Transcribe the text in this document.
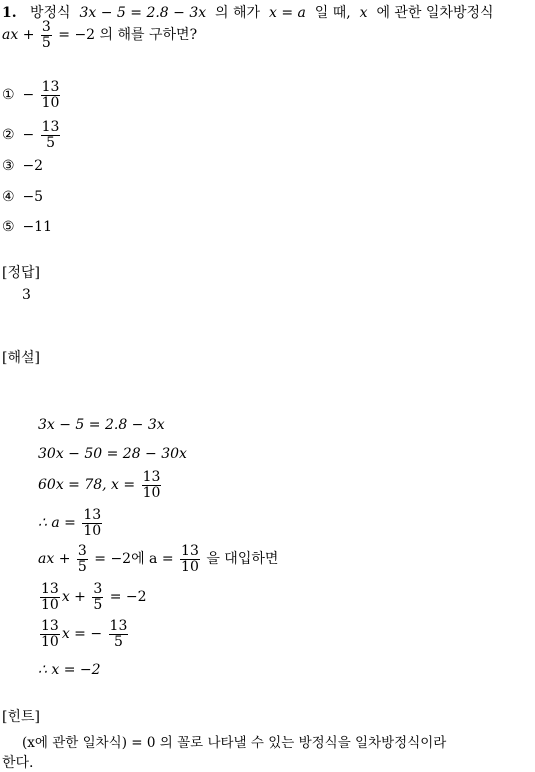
1. 방정식 3x − 5 = 2.8 − 3x 의 해가 x = a 일 때, x 에 관한 일차방정식
ax + $\frac{3}{5} = -2$ 의 해를 구하면?
① − $\frac{13}{10}$
② − $\frac{13}{5}$
③ −2
④ −5
⑤ −11
[정답]
3
[해설]
3x − 5 = 2.8 − 3x
30x − 50 = 28 − 30x
60x = 78, $x = \frac{13}{10}$
∴ $a = \frac{13}{10}$
ax + $\frac{3}{5} = -2$에 $a = \frac{13}{10}$ 을 대입하면
$\frac{13}{10}$ $x + \frac{3}{5} = -2$
$\frac{13}{10}$ x = − $\frac{13}{5}$
∴ x = −2
[힌트]
(x에 관한 일차식) = 0 의 꼴로 나타낼 수 있는 방정식을 일차방정식이라
한다.
